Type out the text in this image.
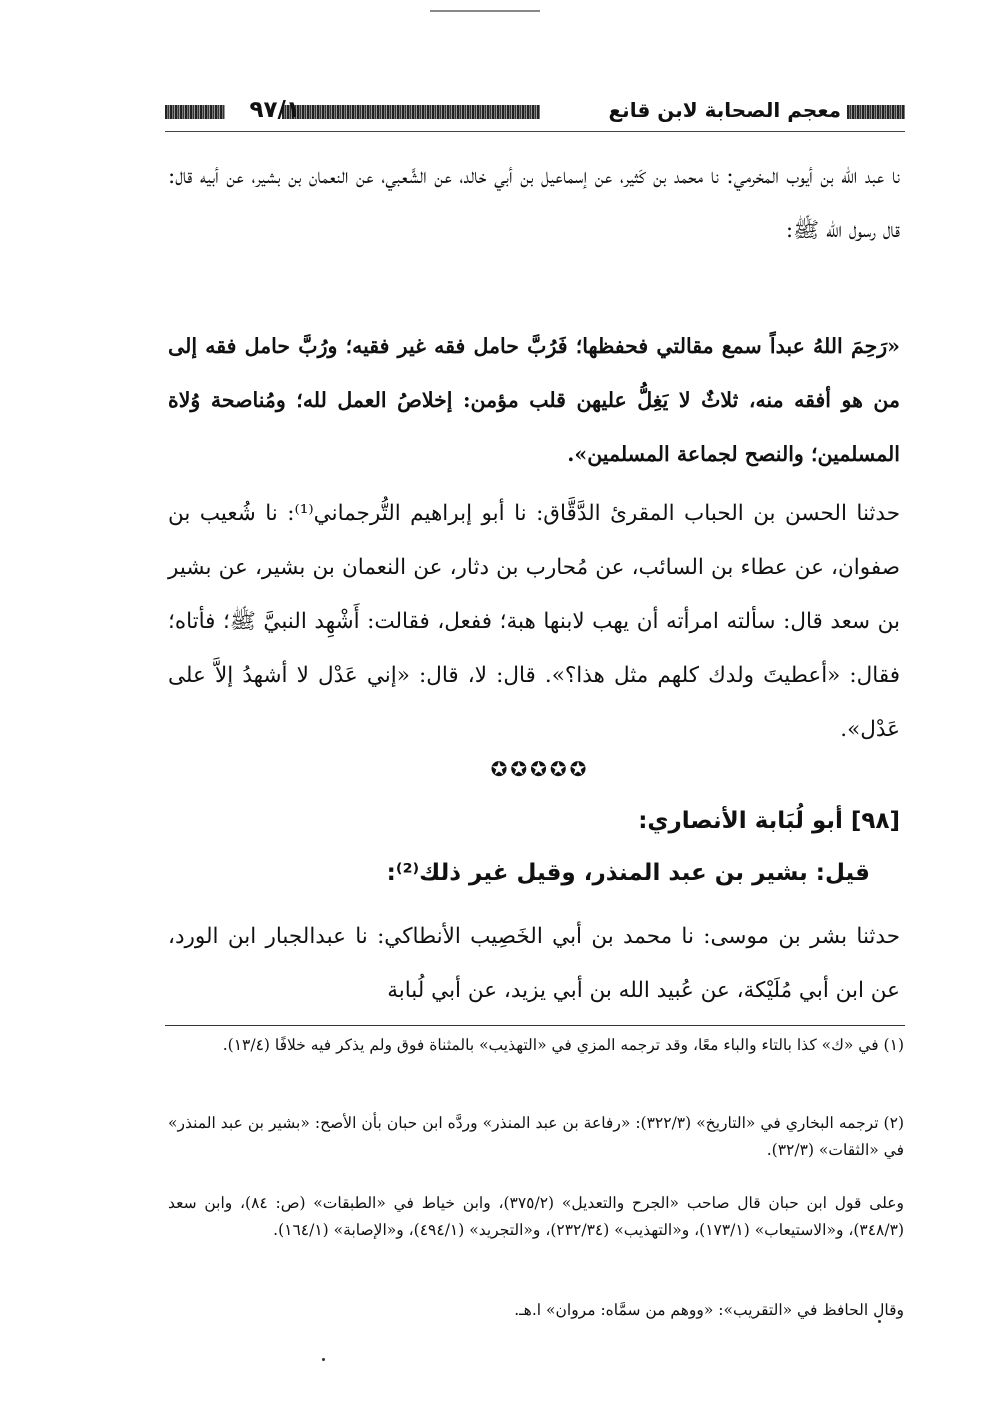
معجم الصحابة لابن قانع
٩٧/١

نا عبد الله بن أيوب المخرمي: نا محمد بن كَثير، عن إسماعيل بن أبي خالد، عن الشَّعبي، عن النعمان بن بشير، عن أبيه قال: قال رسول الله ﷺ:

«رَحِمَ اللهُ عبداً سمع مقالتي فحفظها؛ فَرُبَّ حامل فقه غير فقيه؛ ورُبَّ حامل فقه إلى من هو أفقه منه، ثلاثٌ لا يَغِلُّ عليهن قلب مؤمن: إخلاصُ العمل لله؛ ومُناصحة وُلاة المسلمين؛ والنصح لجماعة المسلمين».

حدثنا الحسن بن الحباب المقرئ الدَّقَّاق: نا أبو إبراهيم التُّرجماني⁽¹⁾: نا شُعيب بن صفوان، عن عطاء بن السائب، عن مُحارب بن دثار، عن النعمان بن بشير، عن بشير بن سعد قال: سألته امرأته أن يهب لابنها هبة؛ ففعل، فقالت: أَشْهِد النبيَّ ﷺ؛ فأتاه؛ فقال: «أعطيتَ ولدك كلهم مثل هذا؟». قال: لا، قال: «إني عَدْل لا أشهدُ إلاَّ على عَدْل».

✪✪✪✪✪
[٩٨] أبو لُبَابة الأنصاري:
قيل: بشير بن عبد المنذر، وقيل غير ذلك⁽²⁾:

حدثنا بشر بن موسى: نا محمد بن أبي الخَصِيب الأنطاكي: نا عبدالجبار ابن الورد، عن ابن أبي مُلَيْكة، عن عُبيد الله بن أبي يزيد، عن أبي لُبابة

(١) في «ك» كذا بالتاء والباء معًا، وقد ترجمه المزي في «التهذيب» بالمثناة فوق ولم يذكر فيه خلافًا (١٣/٤).

(٢) ترجمه البخاري في «التاريخ» (٣٢٢/٣): «رفاعة بن عبد المنذر» وردَّه ابن حبان بأن الأصح: «بشير بن عبد المنذر» في «الثقات» (٣٢/٣).

وعلى قول ابن حبان قال صاحب «الجرح والتعديل» (٣٧٥/٢)، وابن خياط في «الطبقات» (ص: ٨٤)، وابن سعد (٣٤٨/٣)، و«الاستيعاب» (١٧٣/١)، و«التهذيب» (٢٣٢/٣٤)، و«التجريد» (٤٩٤/١)، و«الإصابة» (١٦٤/١).

وقال الحافظ في «التقريب»: «ووهم من سمَّاه: مروان» ا.هـ.
